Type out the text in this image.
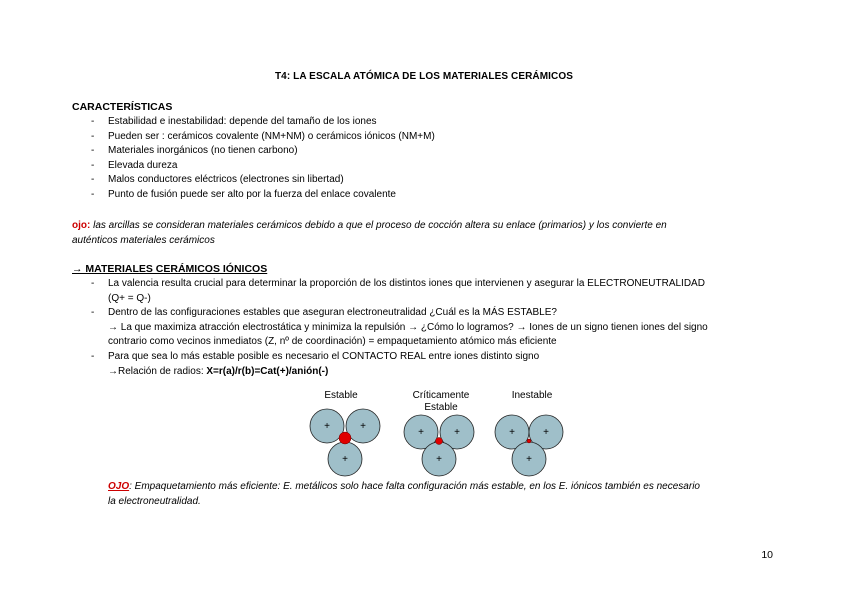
T4: LA ESCALA ATÓMICA DE LOS MATERIALES CERÁMICOS
CARACTERÍSTICAS
- Estabilidad e inestabilidad: depende del tamaño de los iones
- Pueden ser : cerámicos covalente (NM+NM) o cerámicos iónicos (NM+M)
- Materiales inorgánicos (no tienen carbono)
- Elevada dureza
- Malos conductores eléctricos (electrones sin libertad)
- Punto de fusión puede ser alto por la fuerza del enlace covalente
ojo: las arcillas se consideran materiales cerámicos debido a que el proceso de cocción altera su enlace (primarios) y los convierte en
auténticos materiales cerámicos
→ MATERIALES CERÁMICOS IÓNICOS
- La valencia resulta crucial para determinar la proporción de los distintos iones que intervienen y asegurar la ELECTRONEUTRALIDAD
(Q+ = Q-)
- Dentro de las configuraciones estables que aseguran electroneutralidad ¿Cuál es la MÁS ESTABLE?
→ La que maximiza atracción electrostática y minimiza la repulsión → ¿Cómo lo logramos? → Iones de un signo tienen iones del signo
contrario como vecinos inmediatos (Z, nº de coordinación) = empaquetamiento atómico más eficiente
- Para que sea lo más estable posible es necesario el CONTACTO REAL entre iones distinto signo
→Relación de radios: X=r(a)/r(b)=Cat(+)/anión(-)
Estable	Críticamente
Estable
Inestable
+	+
+
+	+
+
+	+
+
OJO: Empaquetamiento más eficiente: E. metálicos solo hace falta configuración más estable, en los E. iónicos también es necesario
la electroneutralidad.
10
